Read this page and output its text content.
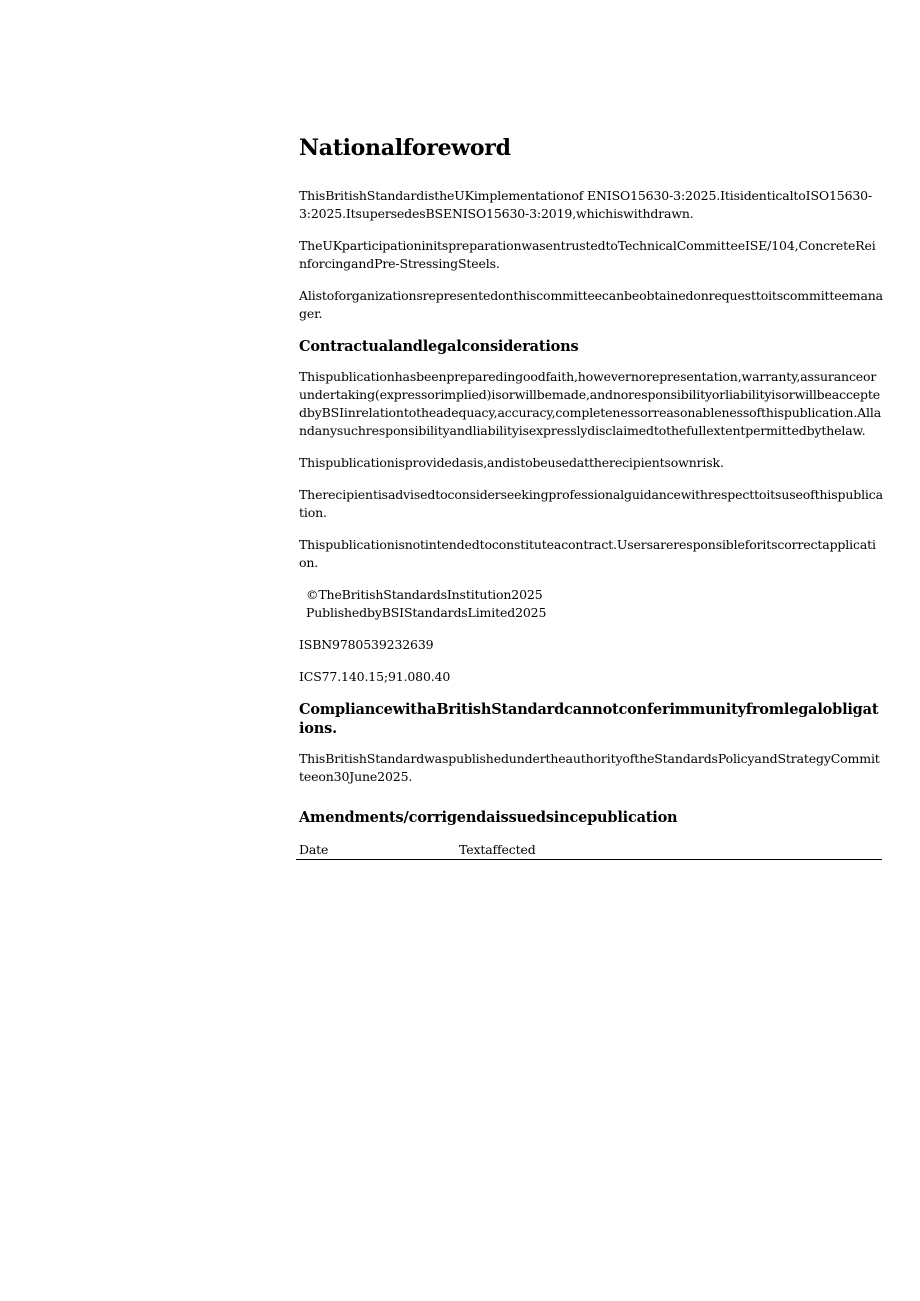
Nationalforeword

ThisBritishStandardistheUKimplementationof ENISO15630-3:2025.ItisidenticaltoISO15630-3:2025.ItsupersedesBSENISO15630-3:2019,whichiswithdrawn.

TheUKparticipationinitspreparationwasentrustedtoTechnicalCommitteeISE/104,ConcreteReinforcingandPre-StressingSteels.

Alistoforganizationsrepresentedonthiscommitteecanbeobtainedonrequesttoitscommitteemanager.

Contractualandlegalconsiderations

Thispublicationhasbeenpreparedingoodfaith,howevernorepresentation,warranty,assuranceorundertaking(expressorimplied)isorwillbemade,andnoresponsibilityorliabilityisorwillbeacceptedbyBSIinrelationtotheadequacy,accuracy,completenessorreasonablenessofthispublication.Allandanysuchresponsibilityandliabilityisexpresslydisclaimedtothefullextentpermittedbythelaw.

Thispublicationisprovidedasis,andistobeusedattherecipientsownrisk.

Therecipientisadvisedtoconsiderseekingprofessionalguidancewithrespecttoitsuseofthispublication.

Thispublicationisnotintendedtoconstituteacontract.Usersareresponsibleforitscorrectapplication.

©TheBritishStandardsInstitution2025
PublishedbyBSIStandardsLimited2025

ISBN9780539232639

ICS77.140.15;91.080.40

CompliancewithaBritishStandardcannotconferimmunityfromlegalobligations.

ThisBritishStandardwaspublishedundertheauthorityoftheStandardsPolicyandStrategyCommitteeon30June2025.

Amendments/corrigendaissuedsincepublication
Date	Textaffected
